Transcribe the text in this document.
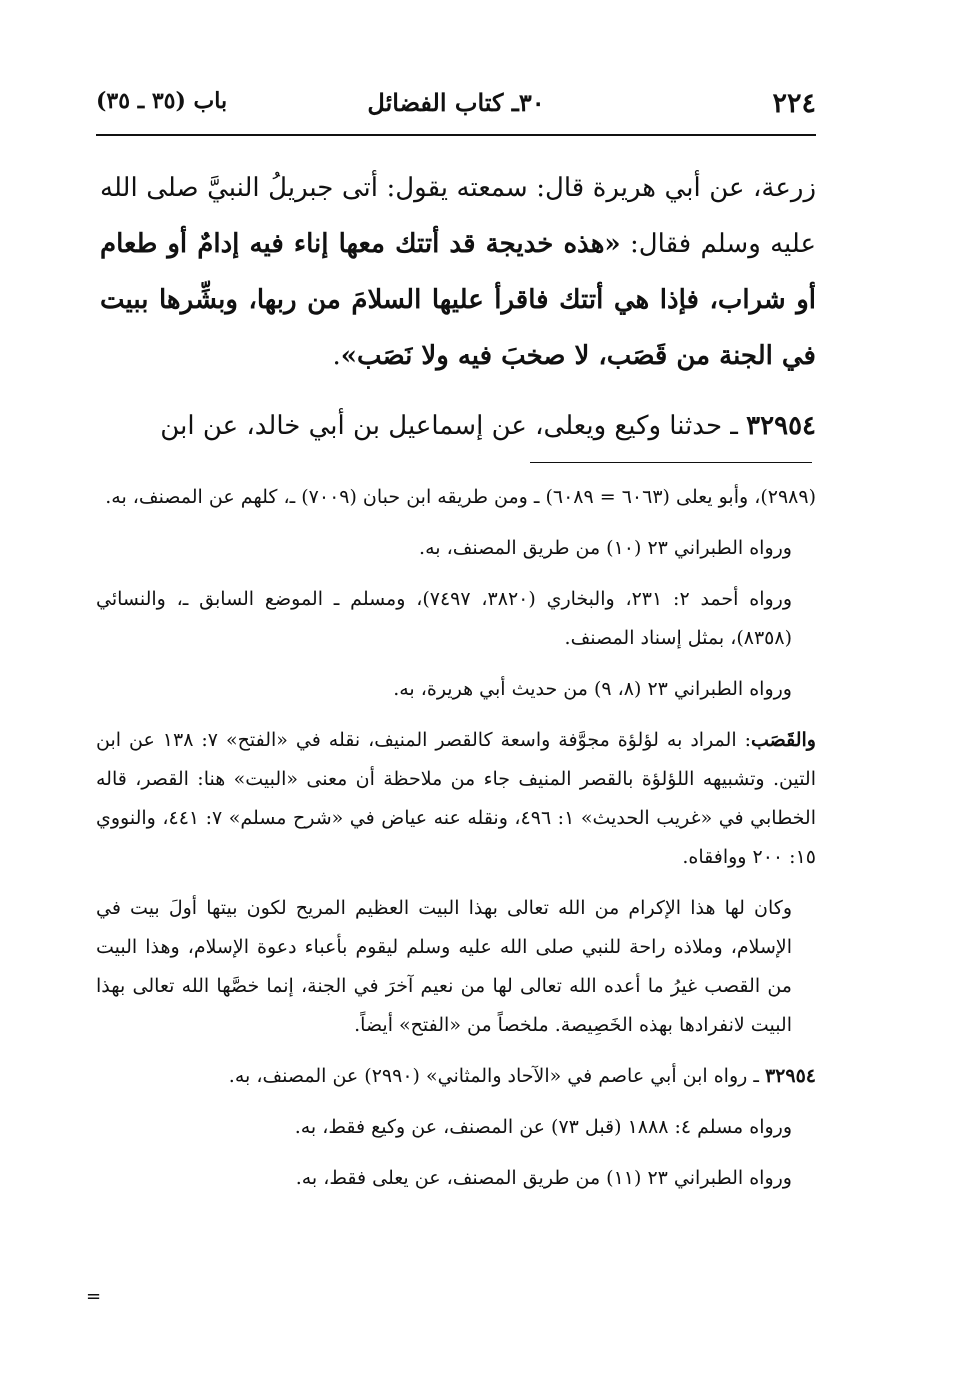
٢٢٤
٣٠ـ كتاب الفضائل
باب (٣٥ ـ ٣٥)

زرعة، عن أبي هريرة قال: سمعته يقول: أتى جبريلُ النبيَّ صلى الله عليه وسلم فقال: «هذه خديجة قد أتتك معها إناء فيه إدامٌ أو طعام أو شراب، فإذا هي أتتك فاقرأ عليها السلامَ من ربها، وبشِّرها ببيت في الجنة من قَصَب، لا صخبَ فيه ولا نَصَب».

٣٢٩٥٤ ـ حدثنا وكيع ويعلى، عن إسماعيل بن أبي خالد، عن ابن

(٢٩٨٩)، وأبو يعلى (٦٠٦٣ = ٦٠٨٩) ـ ومن طريقه ابن حبان (٧٠٠٩) ـ، كلهم عن المصنف، به.

ورواه الطبراني ٢٣ (١٠) من طريق المصنف، به.

ورواه أحمد ٢: ٢٣١، والبخاري (٣٨٢٠، ٧٤٩٧)، ومسلم ـ الموضع السابق ـ، والنسائي (٨٣٥٨)، بمثل إسناد المصنف.

ورواه الطبراني ٢٣ (٨، ٩) من حديث أبي هريرة، به.

والقَصَب: المراد به لؤلؤة مجوَّفة واسعة كالقصر المنيف، نقله في «الفتح» ٧: ١٣٨ عن ابن التين. وتشبيهه اللؤلؤة بالقصر المنيف جاء من ملاحظة أن معنى «البيت» هنا: القصر، قاله الخطابي في «غريب الحديث» ١: ٤٩٦، ونقله عنه عياض في «شرح مسلم» ٧: ٤٤١، والنووي ١٥: ٢٠٠ ووافقاه.

وكان لها هذا الإكرام من الله تعالى بهذا البيت العظيم المريح لكون بيتها أولَ بيت في الإسلام، وملاذه راحة للنبي صلى الله عليه وسلم ليقوم بأعباء دعوة الإسلام، وهذا البيت من القصب غيرُ ما أعده الله تعالى لها من نعيم آخرَ في الجنة، إنما خصَّها الله تعالى بهذا البيت لانفرادها بهذه الخَصِيصة. ملخصاً من «الفتح» أيضاً.

٣٢٩٥٤ ـ رواه ابن أبي عاصم في «الآحاد والمثاني» (٢٩٩٠) عن المصنف، به.

ورواه مسلم ٤: ١٨٨٨ (قبل ٧٣) عن المصنف، عن وكيع فقط، به.

ورواه الطبراني ٢٣ (١١) من طريق المصنف، عن يعلى فقط، به.

=
